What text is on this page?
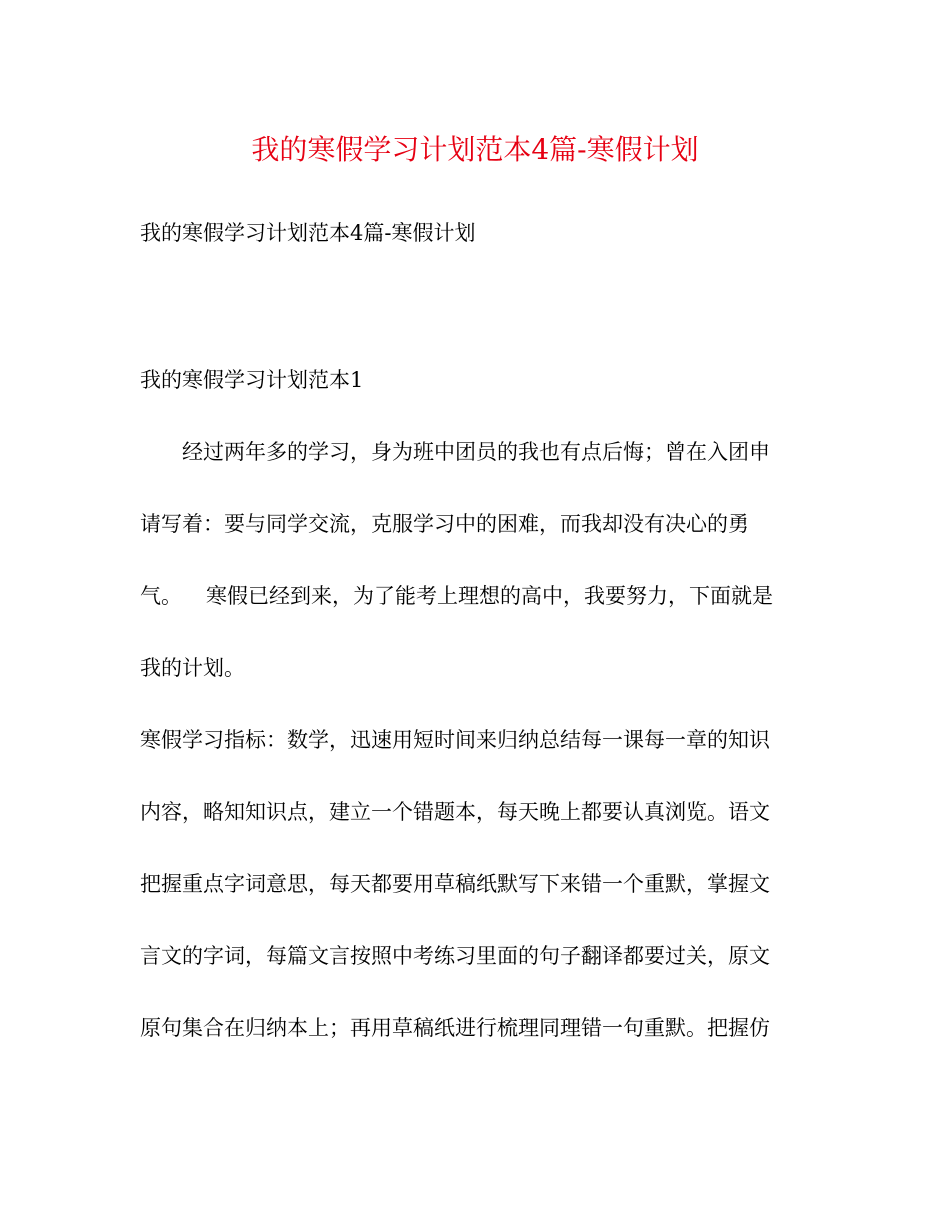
我的寒假学习计划范本4篇-寒假计划

我的寒假学习计划范本4篇-寒假计划

我的寒假学习计划范本1

经过两年多的学习，身为班中团员的我也有点后悔；曾在入团申

请写着：要与同学交流，克服学习中的困难，而我却没有决心的勇

气。 寒假已经到来，为了能考上理想的高中，我要努力，下面就是

我的计划。

寒假学习指标：数学，迅速用短时间来归纳总结每一课每一章的知识

内容，略知知识点，建立一个错题本，每天晚上都要认真浏览。语文

把握重点字词意思，每天都要用草稿纸默写下来错一个重默，掌握文

言文的字词，每篇文言按照中考练习里面的句子翻译都要过关，原文

原句集合在归纳本上；再用草稿纸进行梳理同理错一句重默。把握仿
